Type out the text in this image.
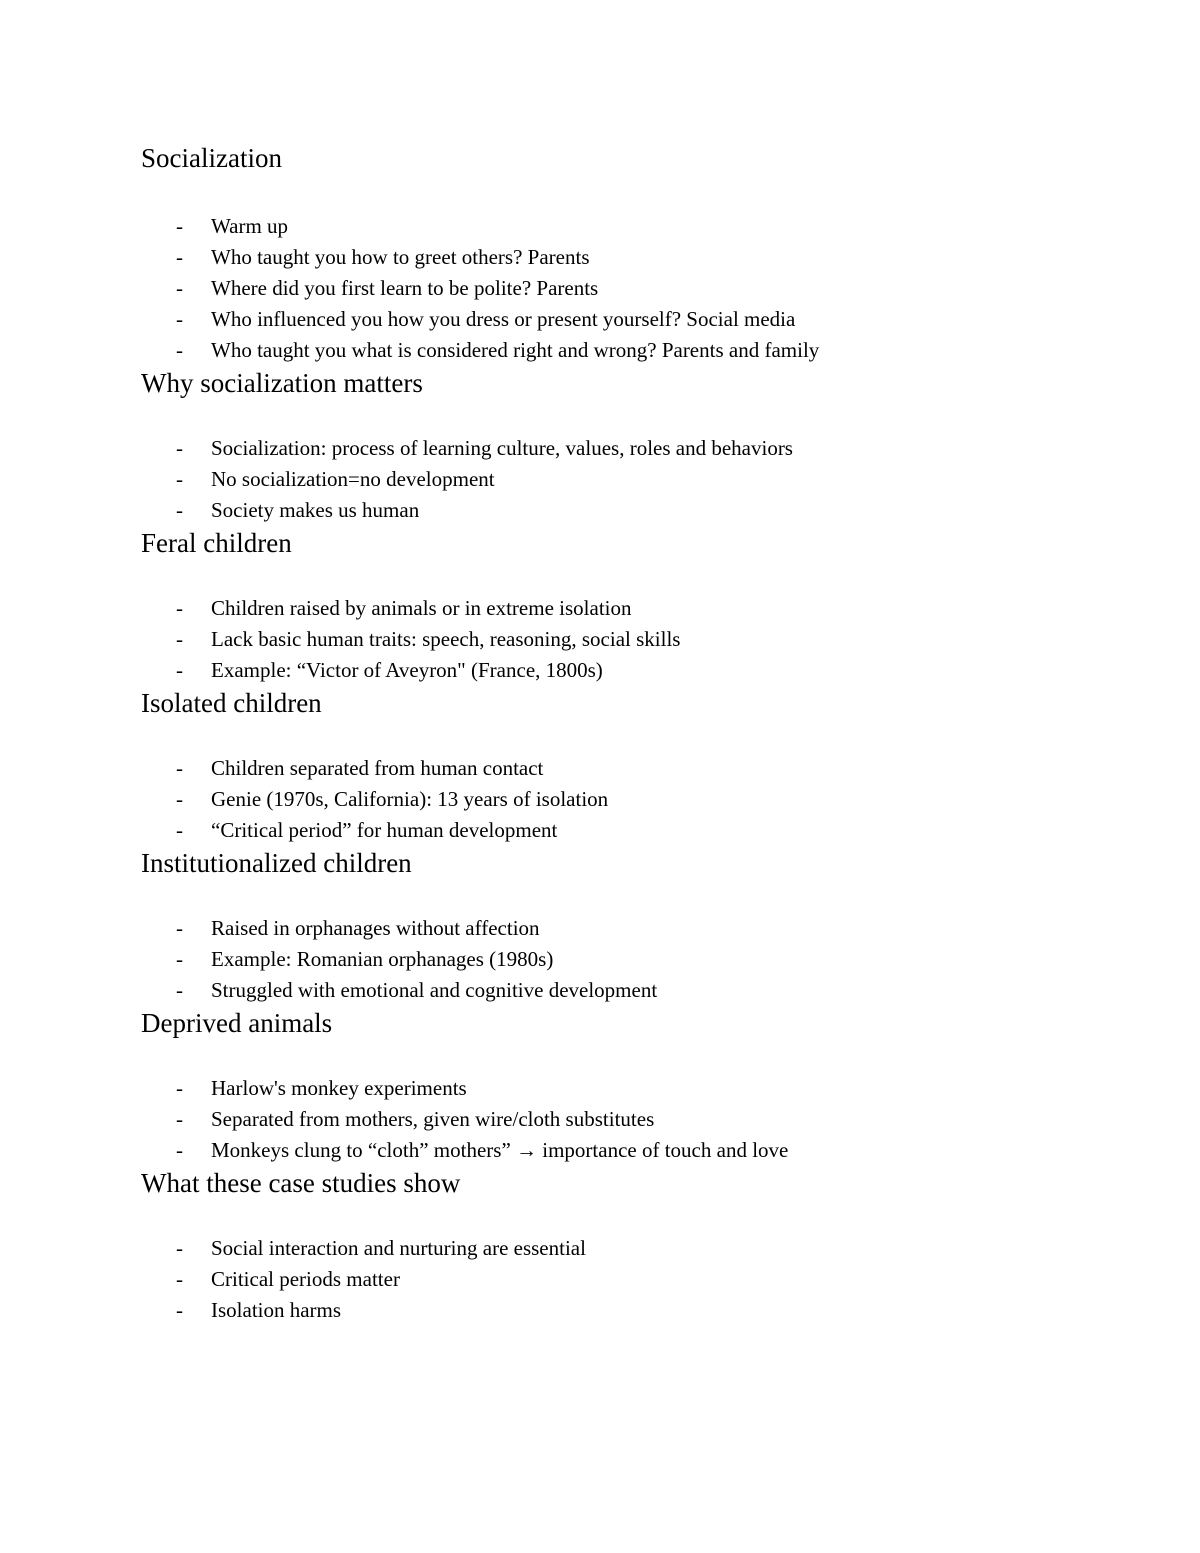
Socialization
-	Warm up
-	Who taught you how to greet others? Parents
-	Where did you first learn to be polite? Parents
-	Who influenced you how you dress or present yourself? Social media
-	Who taught you what is considered right and wrong? Parents and family
Why socialization matters
-	Socialization: process of learning culture, values, roles and behaviors
-	No socialization=no development
-	Society makes us human
Feral children
-	Children raised by animals or in extreme isolation
-	Lack basic human traits: speech, reasoning, social skills
-	Example: “Victor of Aveyron" (France, 1800s)
Isolated children
-	Children separated from human contact
-	Genie (1970s, California): 13 years of isolation
-	“Critical period” for human development
Institutionalized children
-	Raised in orphanages without affection
-	Example: Romanian orphanages (1980s)
-	Struggled with emotional and cognitive development
Deprived animals
-	Harlow's monkey experiments
-	Separated from mothers, given wire/cloth substitutes
-	Monkeys clung to “cloth” mothers” → importance of touch and love
What these case studies show
-	Social interaction and nurturing are essential
-	Critical periods matter
-	Isolation harms
